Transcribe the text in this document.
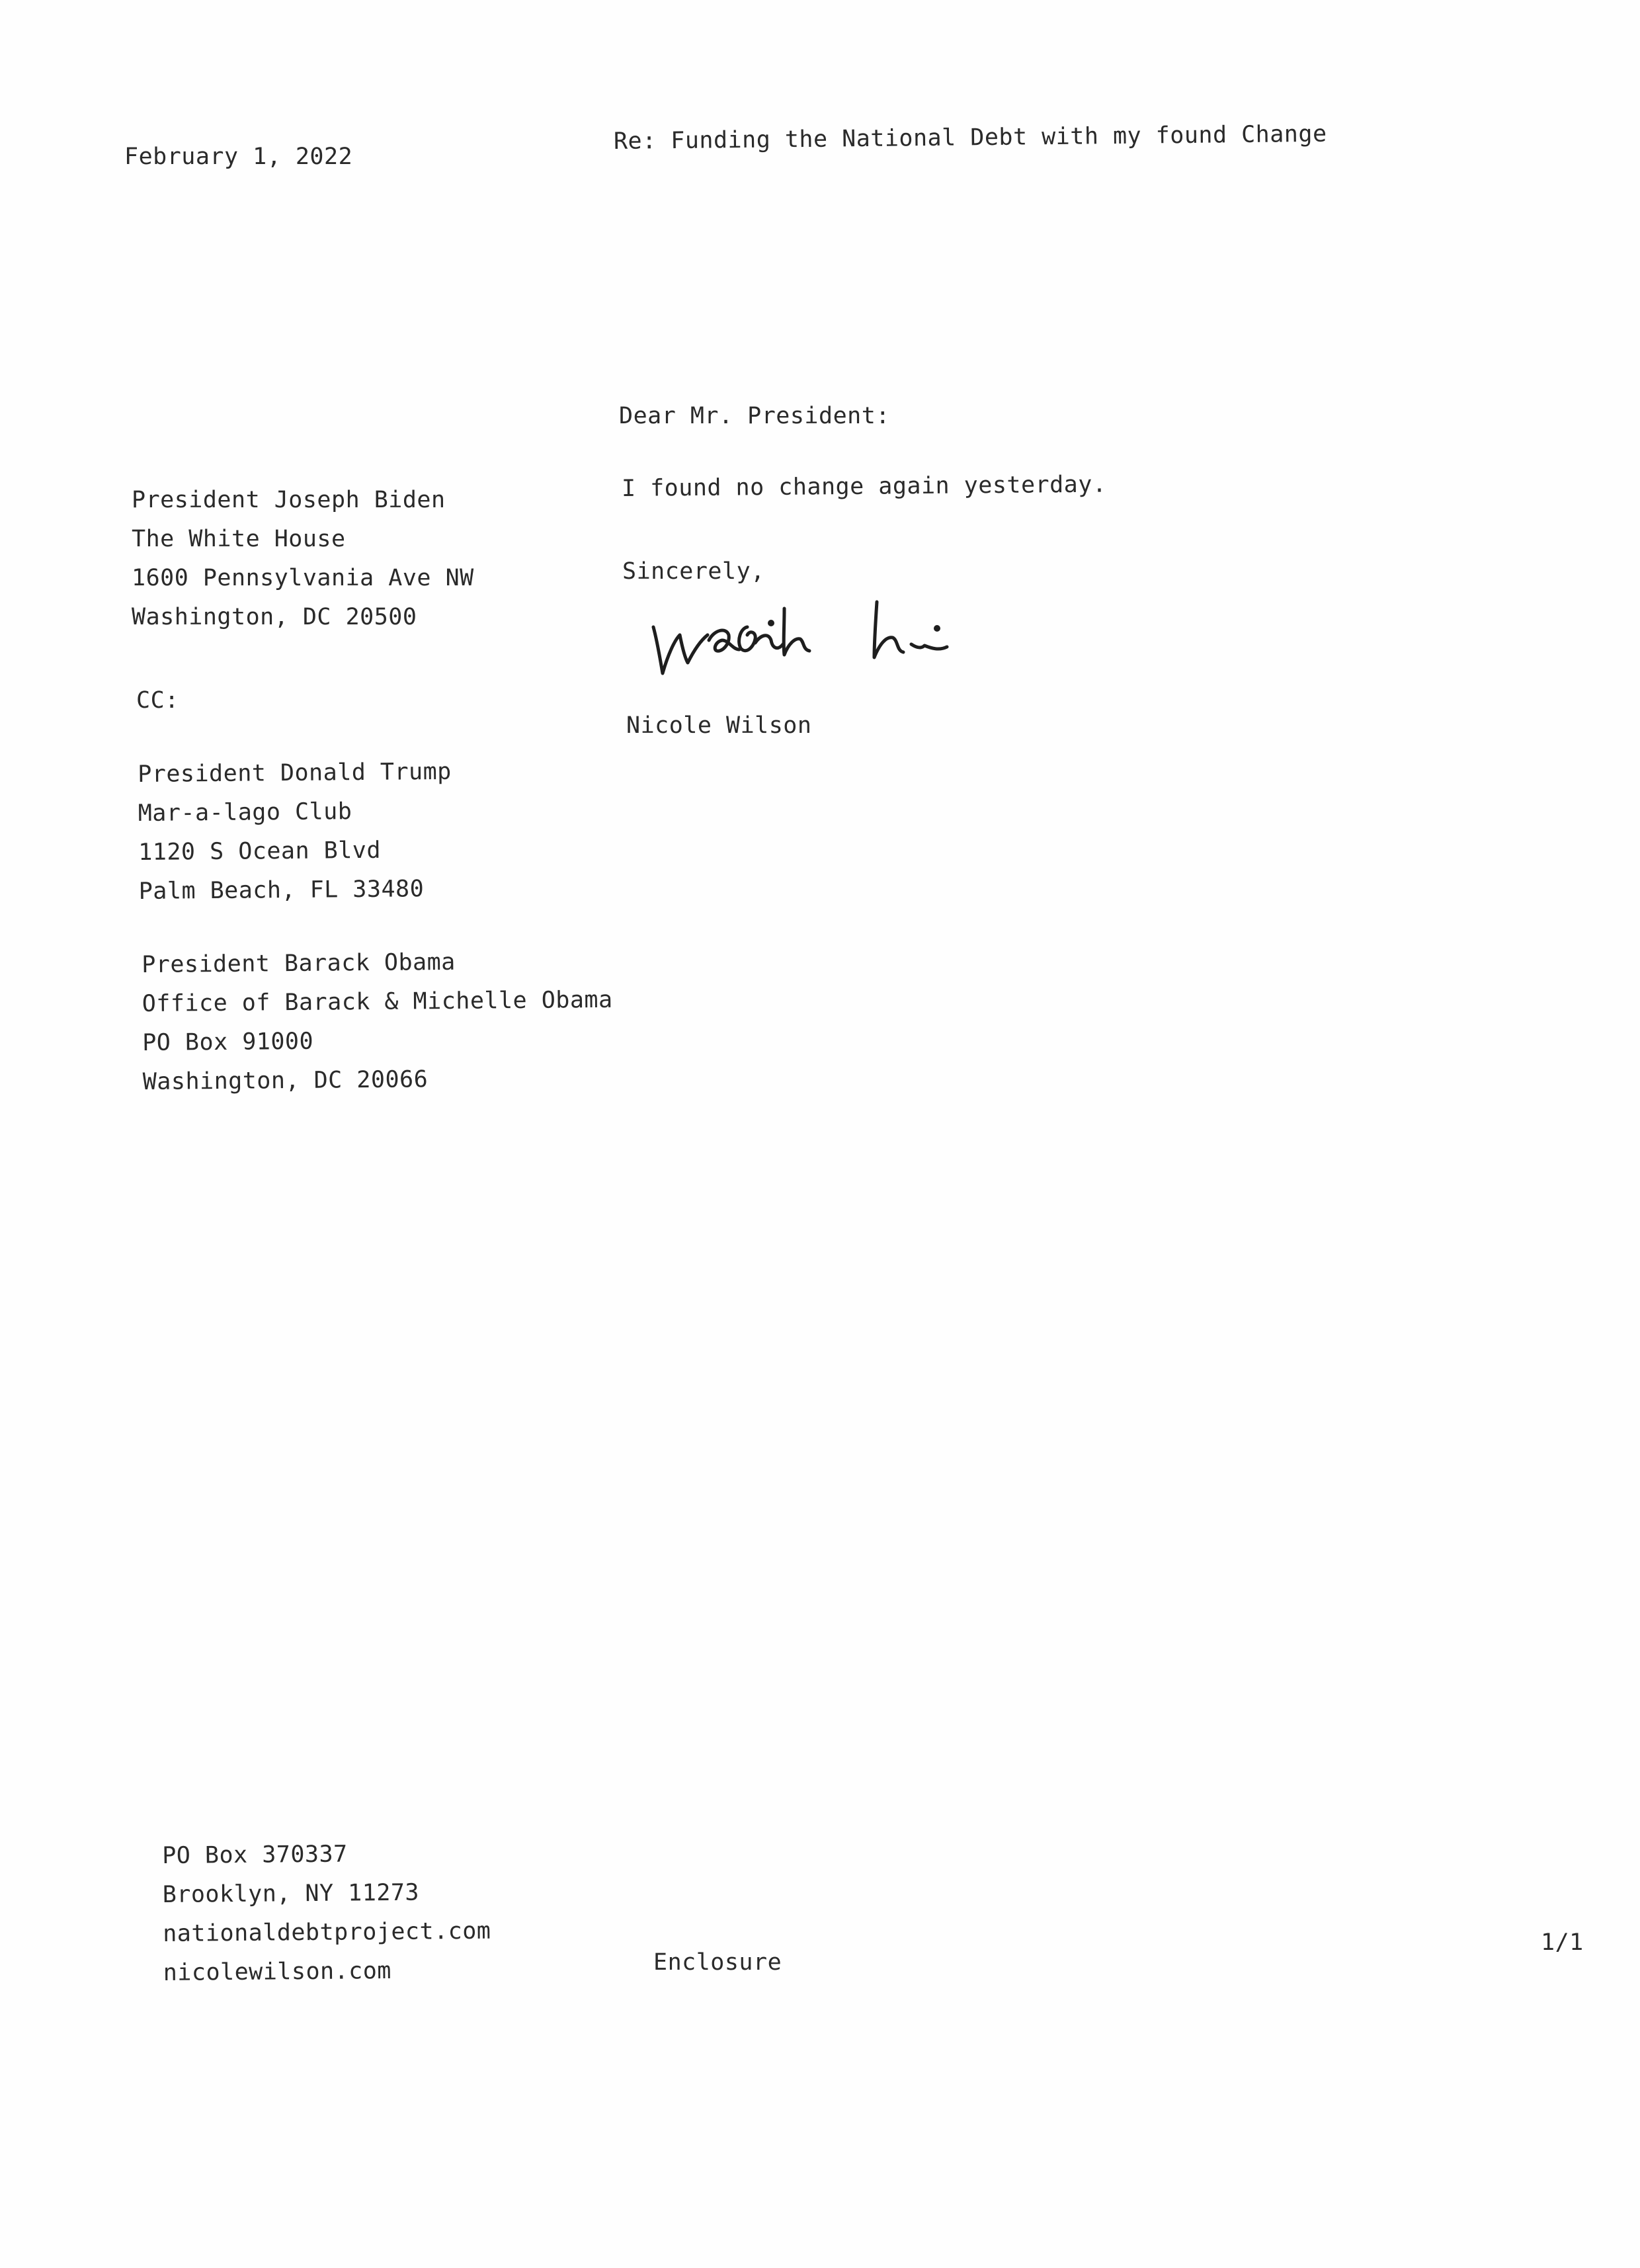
February 1, 2022
Re: Funding the National Debt with my found Change
Dear Mr. President:
I found no change again yesterday.
Sincerely,
Nicole Wilson
President Joseph Biden
The White House
1600 Pennsylvania Ave NW
Washington, DC 20500
CC:
President Donald Trump
Mar-a-lago Club
1120 S Ocean Blvd
Palm Beach, FL 33480
President Barack Obama
Office of Barack & Michelle Obama
PO Box 91000
Washington, DC 20066
PO Box 370337
Brooklyn, NY 11273
nationaldebtproject.com
nicolewilson.com	Enclosure
1/1
